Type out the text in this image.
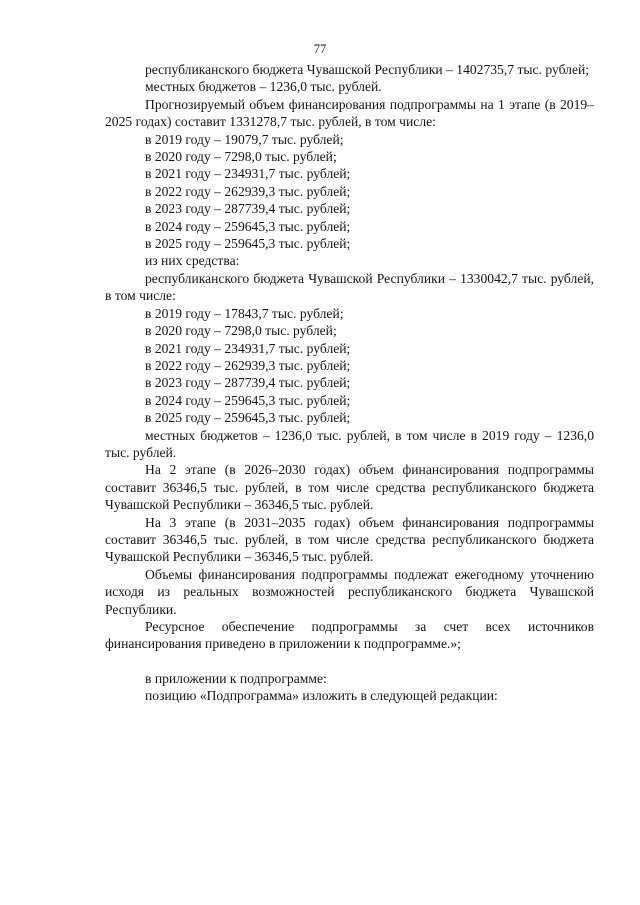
77

республиканского бюджета Чувашской Республики – 1402735,7 тыс. рублей;

местных бюджетов – 1236,0 тыс. рублей.

Прогнозируемый объем финансирования подпрограммы на 1 этапе (в 2019–2025 годах) составит 1331278,7 тыс. рублей, в том числе:

в 2019 году – 19079,7 тыс. рублей;

в 2020 году – 7298,0 тыс. рублей;

в 2021 году – 234931,7 тыс. рублей;

в 2022 году – 262939,3 тыс. рублей;

в 2023 году – 287739,4 тыс. рублей;

в 2024 году – 259645,3 тыс. рублей;

в 2025 году – 259645,3 тыс. рублей;

из них средства:

республиканского бюджета Чувашской Республики – 1330042,7 тыс. рублей, в том числе:

в 2019 году – 17843,7 тыс. рублей;

в 2020 году – 7298,0 тыс. рублей;

в 2021 году – 234931,7 тыс. рублей;

в 2022 году – 262939,3 тыс. рублей;

в 2023 году – 287739,4 тыс. рублей;

в 2024 году – 259645,3 тыс. рублей;

в 2025 году – 259645,3 тыс. рублей;

местных бюджетов – 1236,0 тыс. рублей, в том числе в 2019 году – 1236,0 тыс. рублей.

На 2 этапе (в 2026–2030 годах) объем финансирования подпрограммы составит 36346,5 тыс. рублей, в том числе средства республиканского бюджета Чувашской Республики – 36346,5 тыс. рублей.

На 3 этапе (в 2031–2035 годах) объем финансирования подпрограммы составит 36346,5 тыс. рублей, в том числе средства республиканского бюджета Чувашской Республики – 36346,5 тыс. рублей.

Объемы финансирования подпрограммы подлежат ежегодному уточнению исходя из реальных возможностей республиканского бюджета Чувашской Республики.

Ресурсное обеспечение подпрограммы за счет всех источников финансирования приведено в приложении к подпрограмме.»;

в приложении к подпрограмме:

позицию «Подпрограмма» изложить в следующей редакции:
